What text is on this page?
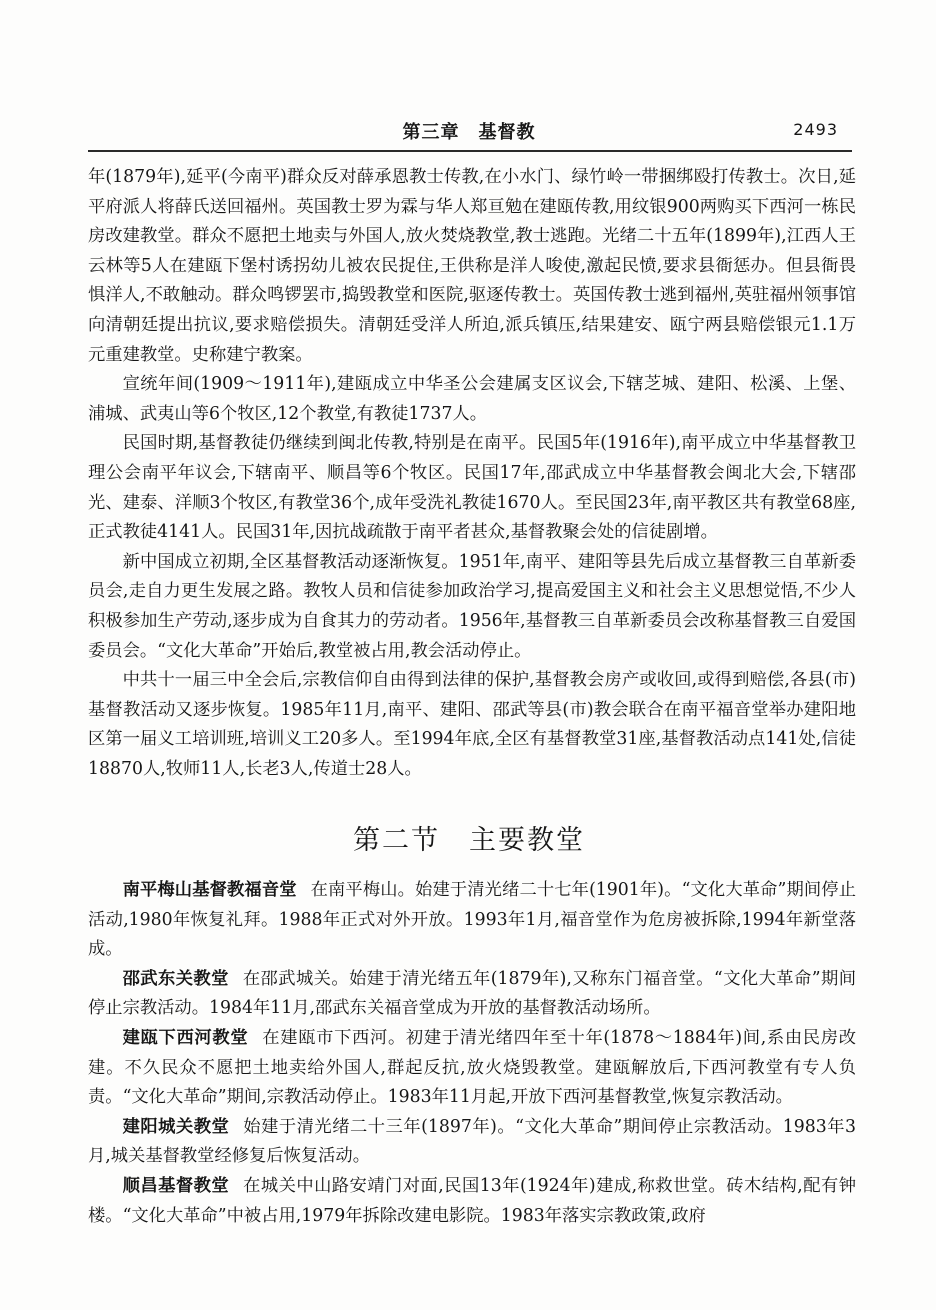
第三章　基督教	2493

年(1879年),延平(今南平)群众反对薛承恩教士传教,在小水门、绿竹岭一带捆绑殴打传教士。次日,延平府派人将薛氏送回福州。英国教士罗为霖与华人郑亘勉在建瓯传教,用纹银900两购买下西河一栋民房改建教堂。群众不愿把土地卖与外国人,放火焚烧教堂,教士逃跑。光绪二十五年(1899年),江西人王云林等5人在建瓯下堡村诱拐幼儿被农民捉住,王供称是洋人唆使,激起民愤,要求县衙惩办。但县衙畏惧洋人,不敢触动。群众鸣锣罢市,捣毁教堂和医院,驱逐传教士。英国传教士逃到福州,英驻福州领事馆向清朝廷提出抗议,要求赔偿损失。清朝廷受洋人所迫,派兵镇压,结果建安、瓯宁两县赔偿银元1.1万元重建教堂。史称建宁教案。

宣统年间(1909～1911年),建瓯成立中华圣公会建属支区议会,下辖芝城、建阳、松溪、上堡、浦城、武夷山等6个牧区,12个教堂,有教徒1737人。

民国时期,基督教徒仍继续到闽北传教,特别是在南平。民国5年(1916年),南平成立中华基督教卫理公会南平年议会,下辖南平、顺昌等6个牧区。民国17年,邵武成立中华基督教会闽北大会,下辖邵光、建泰、洋顺3个牧区,有教堂36个,成年受洗礼教徒1670人。至民国23年,南平教区共有教堂68座,正式教徒4141人。民国31年,因抗战疏散于南平者甚众,基督教聚会处的信徒剧增。

新中国成立初期,全区基督教活动逐渐恢复。1951年,南平、建阳等县先后成立基督教三自革新委员会,走自力更生发展之路。教牧人员和信徒参加政治学习,提高爱国主义和社会主义思想觉悟,不少人积极参加生产劳动,逐步成为自食其力的劳动者。1956年,基督教三自革新委员会改称基督教三自爱国委员会。“文化大革命”开始后,教堂被占用,教会活动停止。

中共十一届三中全会后,宗教信仰自由得到法律的保护,基督教会房产或收回,或得到赔偿,各县(市)基督教活动又逐步恢复。1985年11月,南平、建阳、邵武等县(市)教会联合在南平福音堂举办建阳地区第一届义工培训班,培训义工20多人。至1994年底,全区有基督教堂31座,基督教活动点141处,信徒18870人,牧师11人,长老3人,传道士28人。

第二节　主要教堂

南平梅山基督教福音堂 在南平梅山。始建于清光绪二十七年(1901年)。“文化大革命”期间停止活动,1980年恢复礼拜。1988年正式对外开放。1993年1月,福音堂作为危房被拆除,1994年新堂落成。

邵武东关教堂 在邵武城关。始建于清光绪五年(1879年),又称东门福音堂。“文化大革命”期间停止宗教活动。1984年11月,邵武东关福音堂成为开放的基督教活动场所。

建瓯下西河教堂 在建瓯市下西河。初建于清光绪四年至十年(1878～1884年)间,系由民房改建。不久民众不愿把土地卖给外国人,群起反抗,放火烧毁教堂。建瓯解放后,下西河教堂有专人负责。“文化大革命”期间,宗教活动停止。1983年11月起,开放下西河基督教堂,恢复宗教活动。

建阳城关教堂 始建于清光绪二十三年(1897年)。“文化大革命”期间停止宗教活动。1983年3月,城关基督教堂经修复后恢复活动。

顺昌基督教堂 在城关中山路安靖门对面,民国13年(1924年)建成,称救世堂。砖木结构,配有钟楼。“文化大革命”中被占用,1979年拆除改建电影院。1983年落实宗教政策,政府
